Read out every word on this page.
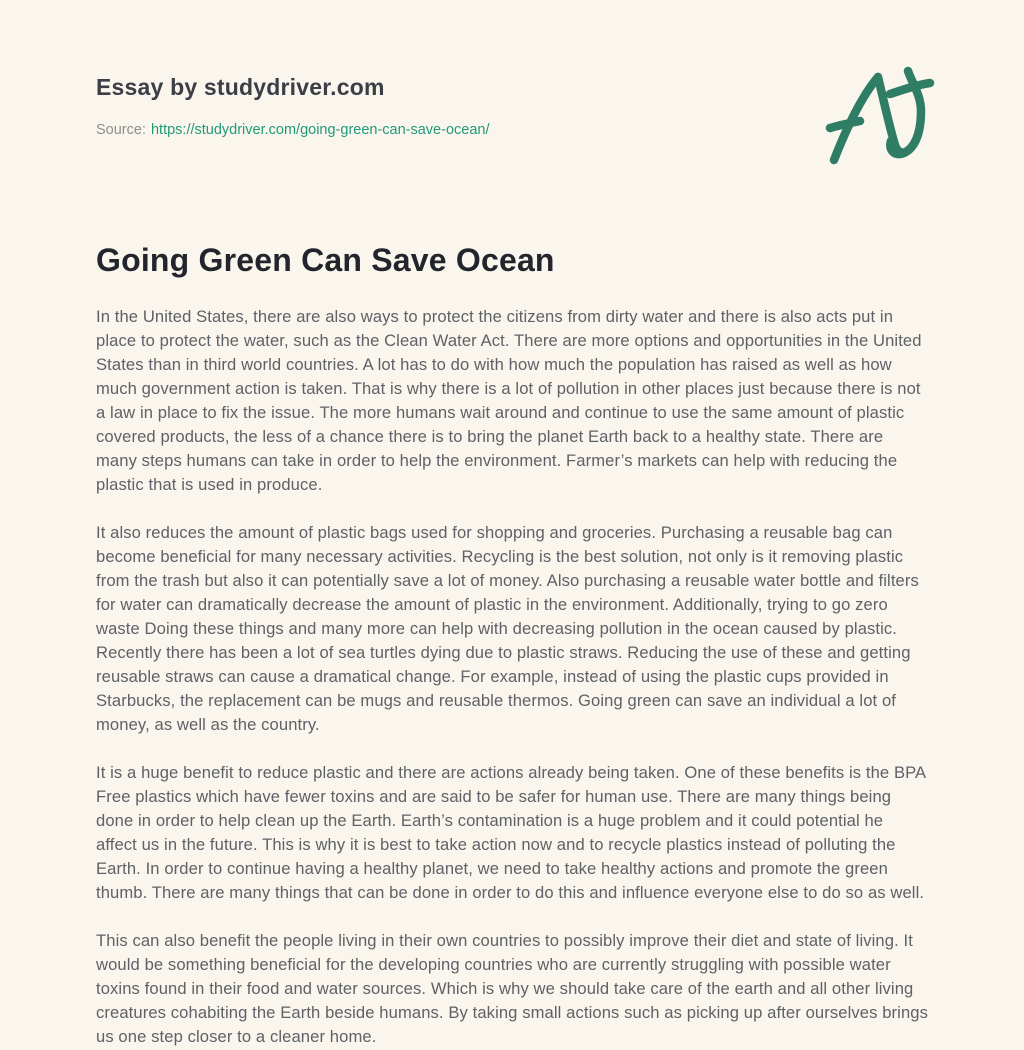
Essay by studydriver.com
Source: https://studydriver.com/going-green-can-save-ocean/
Going Green Can Save Ocean

In the United States, there are also ways to protect the citizens from dirty water and there is also acts put in place to protect the water, such as the Clean Water Act. There are more options and opportunities in the United States than in third world countries. A lot has to do with how much the population has raised as well as how much government action is taken. That is why there is a lot of pollution in other places just because there is not a law in place to fix the issue. The more humans wait around and continue to use the same amount of plastic covered products, the less of a chance there is to bring the planet Earth back to a healthy state. There are many steps humans can take in order to help the environment. Farmer’s markets can help with reducing the plastic that is used in produce.

It also reduces the amount of plastic bags used for shopping and groceries. Purchasing a reusable bag can become beneficial for many necessary activities. Recycling is the best solution, not only is it removing plastic from the trash but also it can potentially save a lot of money. Also purchasing a reusable water bottle and filters for water can dramatically decrease the amount of plastic in the environment. Additionally, trying to go zero waste Doing these things and many more can help with decreasing pollution in the ocean caused by plastic. Recently there has been a lot of sea turtles dying due to plastic straws. Reducing the use of these and getting reusable straws can cause a dramatical change. For example, instead of using the plastic cups provided in Starbucks, the replacement can be mugs and reusable thermos. Going green can save an individual a lot of money, as well as the country.

It is a huge benefit to reduce plastic and there are actions already being taken. One of these benefits is the BPA Free plastics which have fewer toxins and are said to be safer for human use. There are many things being done in order to help clean up the Earth. Earth’s contamination is a huge problem and it could potential he affect us in the future. This is why it is best to take action now and to recycle plastics instead of polluting the Earth. In order to continue having a healthy planet, we need to take healthy actions and promote the green thumb. There are many things that can be done in order to do this and influence everyone else to do so as well.

This can also benefit the people living in their own countries to possibly improve their diet and state of living. It would be something beneficial for the developing countries who are currently struggling with possible water toxins found in their food and water sources. Which is why we should take care of the earth and all other living creatures cohabiting the Earth beside humans. By taking small actions such as picking up after ourselves brings us one step closer to a cleaner home.
